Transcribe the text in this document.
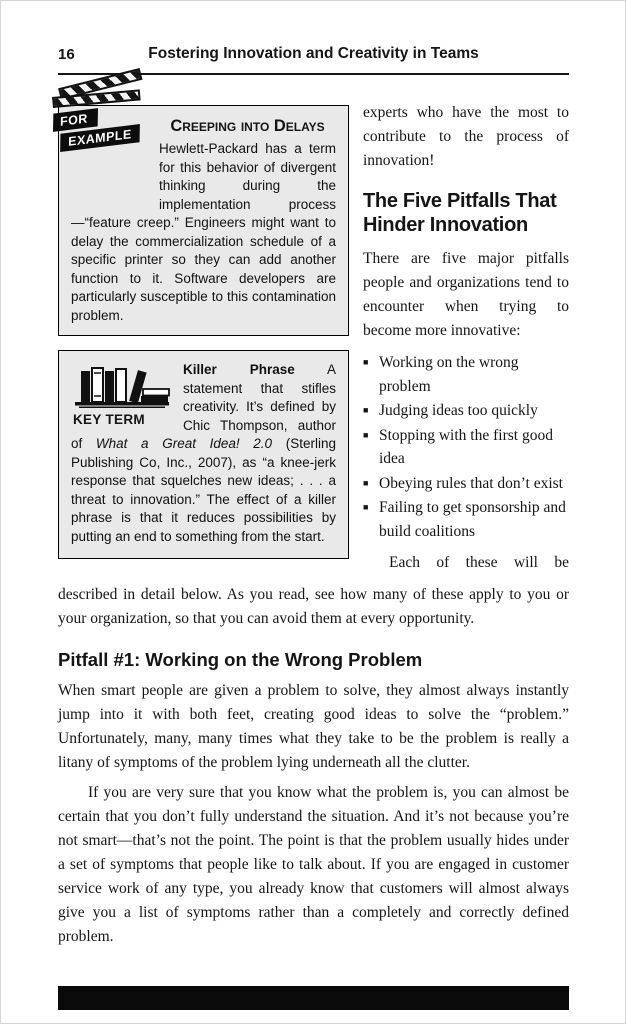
16	Fostering Innovation and Creativity in Teams
FOR
EXAMPLE
Creeping into Delays

Hewlett-Packard has a term for this behavior of divergent thinking during the implementation process—“feature creep.” Engineers might want to delay the commercialization schedule of a specific printer so they can add another function to it. Software developers are particularly susceptible to this contamination problem.

KEY TERM

Killer Phrase A statement that stifles creativity. It’s defined by Chic Thompson, author of What a Great Idea! 2.0 (Sterling Publishing Co, Inc., 2007), as “a knee-jerk response that squelches new ideas; . . . a threat to innovation.” The effect of a killer phrase is that it reduces possibilities by putting an end to something from the start.

experts who have the most to contribute to the process of innovation!

The Five Pitfalls That Hinder Innovation

There are five major pitfalls people and organizations tend to encounter when trying to become more innovative:

■ Working on the wrong problem
■ Judging ideas too quickly
■ Stopping with the first good idea
■ Obeying rules that don’t exist
■ Failing to get sponsorship and build coalitions

Each of these will be

described in detail below. As you read, see how many of these apply to you or your organization, so that you can avoid them at every opportunity.

Pitfall #1: Working on the Wrong Problem

When smart people are given a problem to solve, they almost always instantly jump into it with both feet, creating good ideas to solve the “problem.” Unfortunately, many, many times what they take to be the problem is really a litany of symptoms of the problem lying underneath all the clutter.

If you are very sure that you know what the problem is, you can almost be certain that you don’t fully understand the situation. And it’s not because you’re not smart—that’s not the point. The point is that the problem usually hides under a set of symptoms that people like to talk about. If you are engaged in customer service work of any type, you already know that customers will almost always give you a list of symptoms rather than a completely and correctly defined problem.
